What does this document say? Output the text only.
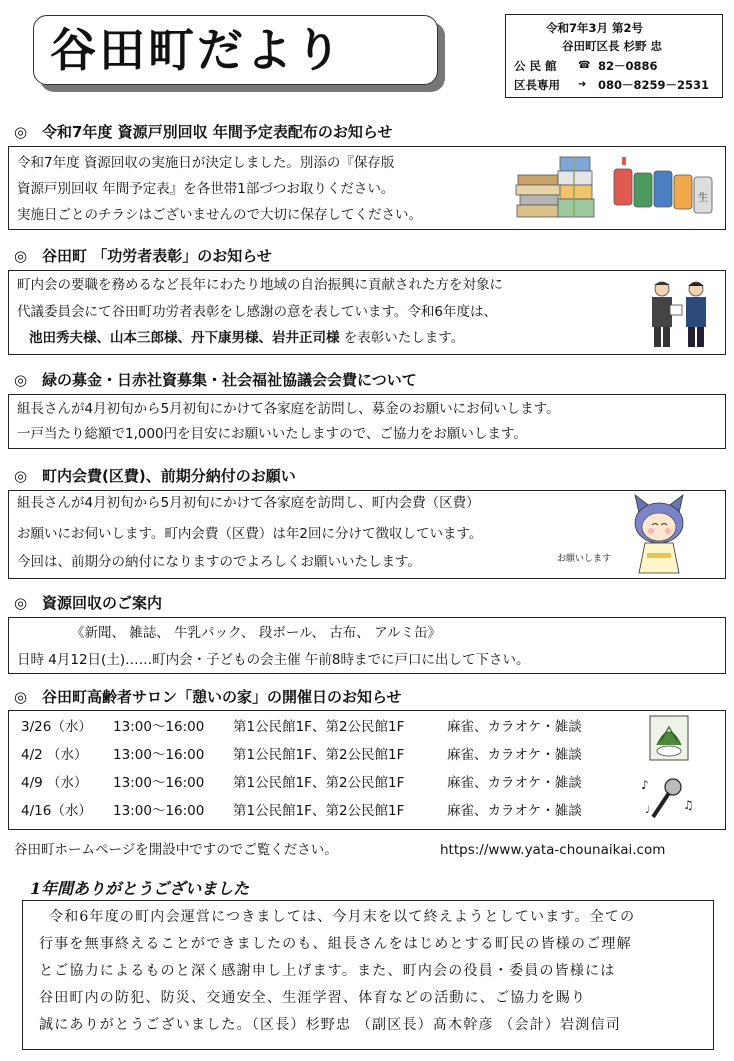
谷田町だより	令和7年3月 第2号
谷田町区長 杉野 忠
公 民 館 ☎ 82－0886
区長専用 ➜ 080－8259－2531
◎ 令和7年度 資源戸別回収 年間予定表配布のお知らせ
令和7年度 資源回収の実施日が決定しました。別添の『保存版
資源戸別回収 年間予定表』を各世帯1部づつお取りください。
実施日ごとのチラシはございませんので大切に保存してください。
生
◎ 谷田町 「功労者表彰」のお知らせ
町内会の要職を務めるなど長年にわたり地域の自治振興に貢献された方を対象に
代議委員会にて谷田町功労者表彰をし感謝の意を表しています。令和6年度は、
池田秀夫様、山本三郎様、丹下康男様、岩井正司様 を表彰いたします。
◎ 緑の募金・日赤社資募集・社会福祉協議会会費について
組長さんが4月初旬から5月初旬にかけて各家庭を訪問し、募金のお願いにお伺いします。
一戸当たり総額で1,000円を目安にお願いいたしますので、ご協力をお願いします。
◎ 町内会費(区費)、前期分納付のお願い
組長さんが4月初旬から5月初旬にかけて各家庭を訪問し、町内会費（区費）
お願いにお伺いします。町内会費（区費）は年2回に分けて徴収しています。
今回は、前期分の納付になりますのでよろしくお願いいたします。	お願いします
◎ 資源回収のご案内
《新聞、 雑誌、 牛乳パック、 段ボール、 古布、 アルミ缶》
日時 4月12日(土)……町内会・子どもの会主催 午前8時までに戸口に出して下さい。
◎ 谷田町高齢者サロン「憩いの家」の開催日のお知らせ
3/26（水） 13:00～16:00 第1公民館1F、第2公民館1F	麻雀、カラオケ・雑談
4/2 （水） 13:00～16:00 第1公民館1F、第2公民館1F	麻雀、カラオケ・雑談
4/9 （水） 13:00～16:00 第1公民館1F、第2公民館1F	麻雀、カラオケ・雑談
4/16（水） 13:00～16:00 第1公民館1F、第2公民館1F	麻雀、カラオケ・雑談
♪
♫
♩
谷田町ホームページを開設中ですのでご覧ください。	https://www.yata-chounaikai.com
1年間ありがとうございました
令和6年度の町内会運営につきましては、今月末を以て終えようとしています。全ての
行事を無事終えることができましたのも、組長さんをはじめとする町民の皆様のご理解
とご協力によるものと深く感謝申し上げます。また、町内会の役員・委員の皆様には
谷田町内の防犯、防災、交通安全、生涯学習、体育などの活動に、ご協力を賜り
誠にありがとうございました。（区長）杉野忠 （副区長）髙木幹彦 （会計）岩渕信司
